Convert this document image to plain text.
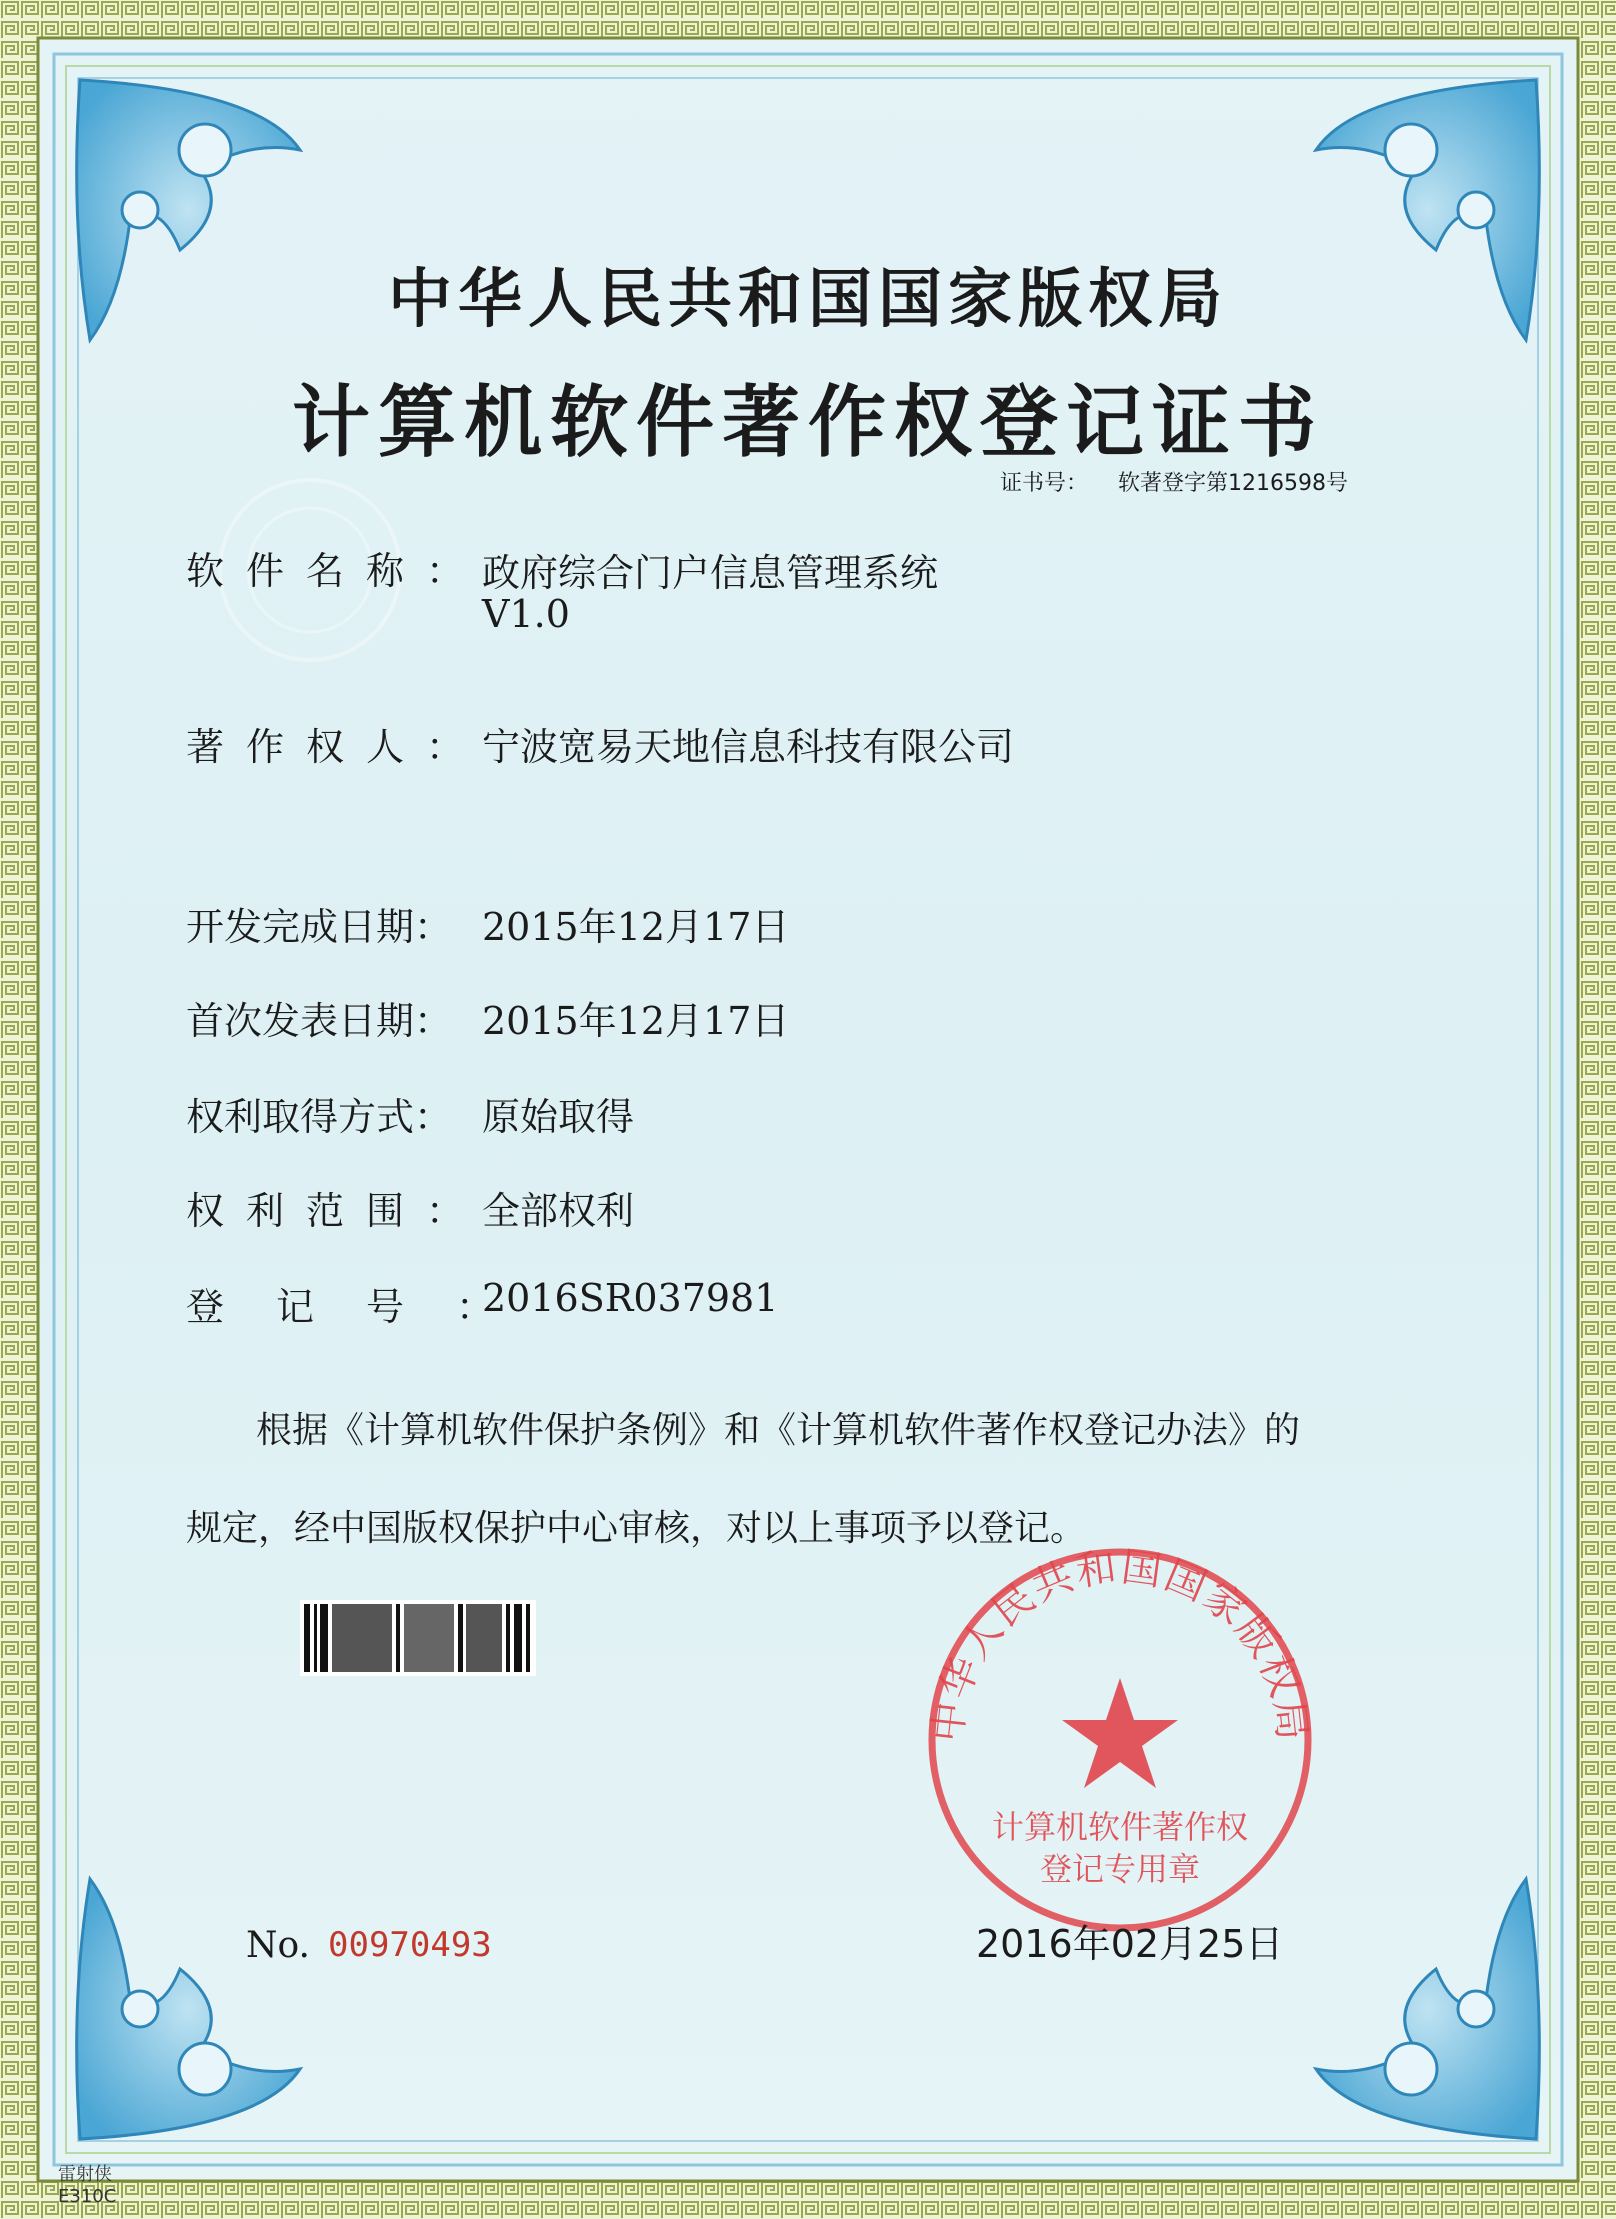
中华人民共和国国家版权局
计算机软件著作权
登记专用章
中华人民共和国国家版权局
计算机软件著作权登记证书
证书号： 软著登字第1216598号
软件名称：
政府综合门户信息管理系统
V1.0
著作权人：
宁波宽易天地信息科技有限公司
开发完成日期： 2015年12月17日
首次发表日期： 2015年12月17日
权利取得方式： 原始取得
权利范围：
全部权利
登记号：
2016SR037981
根据《计算机软件保护条例》和《计算机软件著作权登记办法》的
规定，经中国版权保护中心审核，对以上事项予以登记。
No. 00970493	2016年02月25日
雷射侠
E310C
